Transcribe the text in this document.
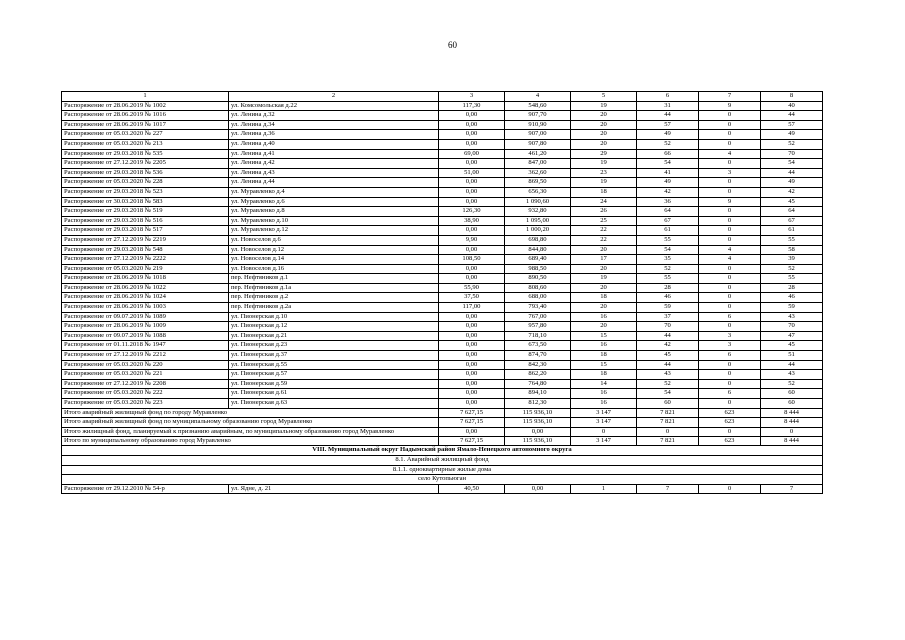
60
1	2	3	4	5	6	7	8
Распоряжение от 28.06.2019 № 1002	ул. Комсомольская д.22	117,30	548,60	19	31	9	40
Распоряжение от 28.06.2019 № 1016	ул. Ленина д.32	0,00	907,70	20	44	0	44
Распоряжение от 28.06.2019 № 1017	ул. Ленина д.34	0,00	910,90	20	57	0	57
Распоряжение от 05.03.2020 № 227	ул. Ленина д.36	0,00	907,00	20	49	0	49
Распоряжение от 05.03.2020 № 213	ул. Ленина д.40	0,00	907,80	20	52	0	52
Распоряжение от 29.03.2018 № 535	ул. Ленина д.41	69,00	461,20	29	66	4	70
Распоряжение от 27.12.2019 № 2205	ул. Ленина д.42	0,00	847,00	19	54	0	54
Распоряжение от 29.03.2018 № 536	ул. Ленина д.43	51,00	362,60	23	41	3	44
Распоряжение от 05.03.2020 № 228	ул. Ленина д.44	0,00	869,50	19	49	0	49
Распоряжение от 29.03.2018 № 523	ул. Муравленко д.4	0,00	656,30	18	42	0	42
Распоряжение от 30.03.2018 № 583	ул. Муравленко д.6	0,00	1 090,60	24	36	9	45
Распоряжение от 29.03.2018 № 519	ул. Муравленко д.8	126,30	932,80	26	64	0	64
Распоряжение от 29.03.2018 № 516	ул. Муравленко д.10	38,90	1 095,00	25	67	0	67
Распоряжение от 29.03.2018 № 517	ул. Муравленко д.12	0,00	1 000,20	22	61	0	61
Распоряжение от 27.12.2019 № 2219	ул. Новоселов д.6	9,90	698,80	22	55	0	55
Распоряжение от 29.03.2018 № 548	ул. Новоселов д.12	0,00	844,80	20	54	4	58
Распоряжение от 27.12.2019 № 2222	ул. Новоселов д.14	108,50	689,40	17	35	4	39
Распоряжение от 05.03.2020 № 219	ул. Новоселов д.16	0,00	988,50	20	52	0	52
Распоряжение от 28.06.2019 № 1018	пер. Нефтяников д.1	0,00	890,50	19	55	0	55
Распоряжение от 28.06.2019 № 1022	пер. Нефтяников д.1а	55,90	808,60	20	28	0	28
Распоряжение от 28.06.2019 № 1024	пер. Нефтяников д.2	37,50	688,00	18	46	0	46
Распоряжение от 28.06.2019 № 1003	пер. Нефтяников д.2а	117,00	793,40	20	59	0	59
Распоряжение от 09.07.2019 № 1089	ул. Пионерская д.10	0,00	767,00	16	37	6	43
Распоряжение от 28.06.2019 № 1009	ул. Пионерская д.12	0,00	957,80	20	70	0	70
Распоряжение от 09.07.2019 № 1088	ул. Пионерская д.21	0,00	718,10	15	44	3	47
Распоряжение от 01.11.2018 № 1947	ул. Пионерская д.23	0,00	673,50	16	42	3	45
Распоряжение от 27.12.2019 № 2212	ул. Пионерская д.37	0,00	874,70	18	45	6	51
Распоряжение от 05.03.2020 № 220	ул. Пионерская д.55	0,00	842,30	15	44	0	44
Распоряжение от 05.03.2020 № 221	ул. Пионерская д.57	0,00	862,20	18	43	0	43
Распоряжение от 27.12.2019 № 2208	ул. Пионерская д.59	0,00	764,80	14	52	0	52
Распоряжение от 05.03.2020 № 222	ул. Пионерская д.61	0,00	894,10	16	54	6	60
Распоряжение от 05.03.2020 № 223	ул. Пионерская д.63	0,00	812,30	16	60	0	60
Итого аварийный жилищный фонд по городу Муравленко		7 627,15	115 936,10	3 147	7 821	623	8 444
Итого аварийный жилищный фонд по муниципальному образованию город Муравленко		7 627,15	115 936,10	3 147	7 821	623	8 444
Итого жилищный фонд, планируемый к признанию аварийным, по муниципальному образованию город Муравленко		0,00	0,00	0	0	0	0
Итого по муниципальному образованию город Муравленко		7 627,15	115 936,10	3 147	7 821	623	8 444
VIII. Муниципальный округ Надымский район Ямало-Ненецкого автономного округа							
8.1. Аварийный жилищный фонд							
8.1.1. одноквартирные жилые дома							
село Кутопьюган							
Распоряжение от 29.12.2010 № 54-р	ул. Ядне, д. 21	40,50	0,00	1	7	0	7
